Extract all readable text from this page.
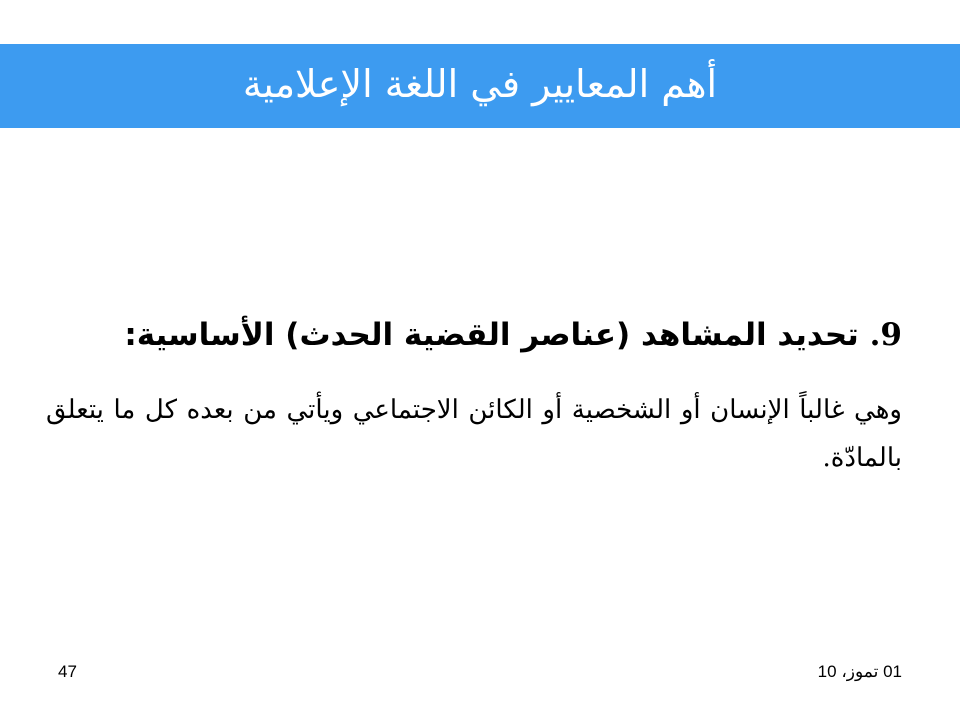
أهم المعايير في اللغة الإعلامية
9. تحديد المشاهد (عناصر القضية الحدث) الأساسية:
وهي غالباً الإنسان أو الشخصية أو الكائن الاجتماعي ويأتي من بعده كل ما يتعلق بالمادّة.
01 تموز، 10
47
